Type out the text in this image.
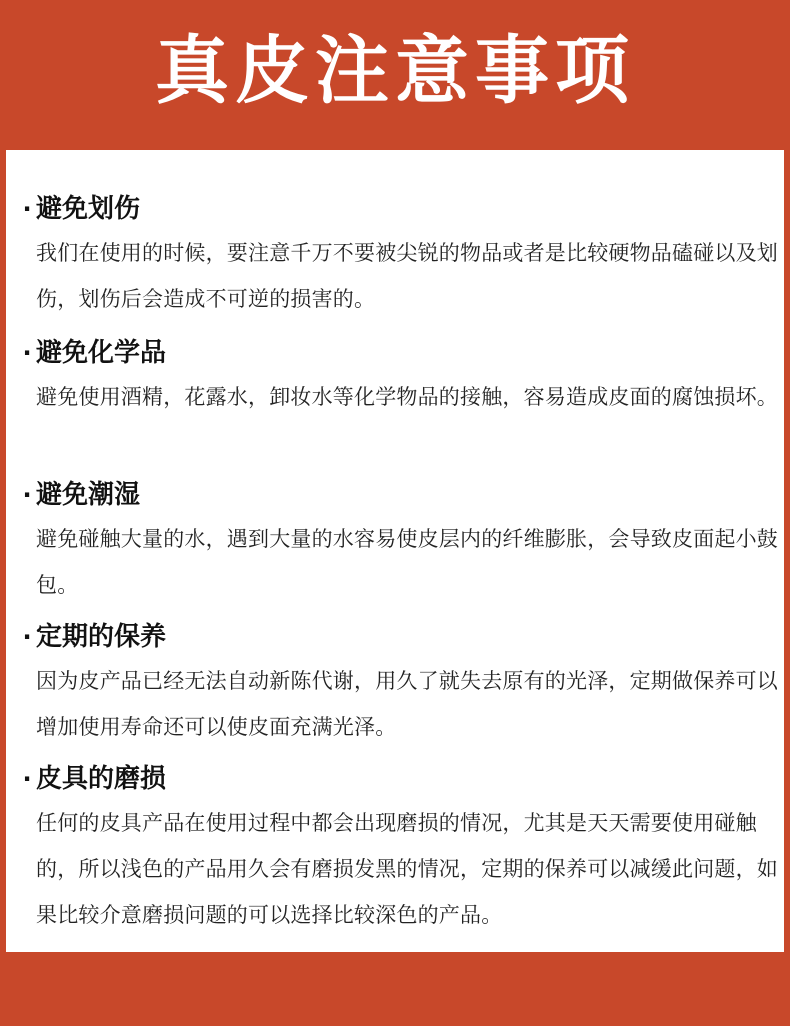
真皮注意事项
· 避免划伤
我们在使用的时候，要注意千万不要被尖锐的物品或者是比较硬物品磕碰以及划伤，划伤后会造成不可逆的损害的。
· 避免化学品
避免使用酒精，花露水，卸妆水等化学物品的接触，容易造成皮面的腐蚀损坏。
· 避免潮湿
避免碰触大量的水，遇到大量的水容易使皮层内的纤维膨胀，会导致皮面起小鼓包。
· 定期的保养
因为皮产品已经无法自动新陈代谢，用久了就失去原有的光泽，定期做保养可以增加使用寿命还可以使皮面充满光泽。
· 皮具的磨损
任何的皮具产品在使用过程中都会出现磨损的情况，尤其是天天需要使用碰触的，所以浅色的产品用久会有磨损发黑的情况，定期的保养可以减缓此问题，如果比较介意磨损问题的可以选择比较深色的产品。
